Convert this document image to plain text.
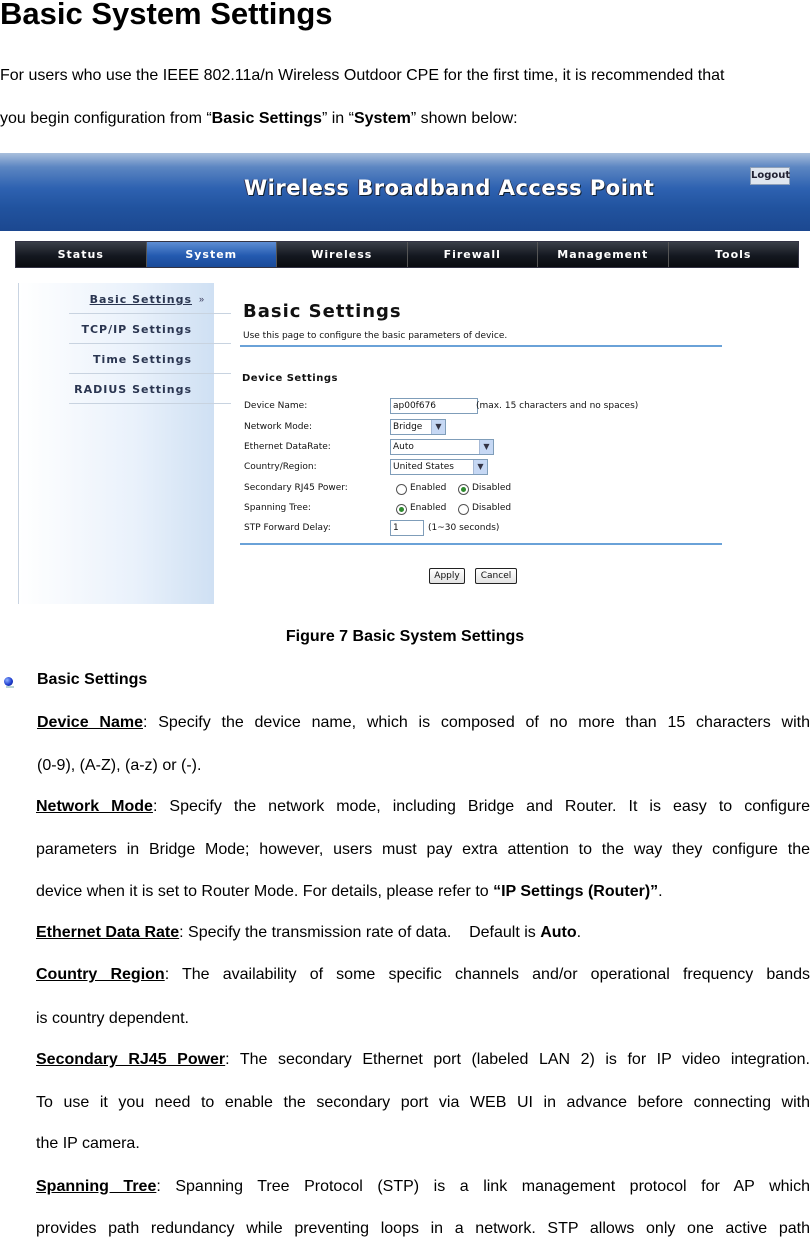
Basic System Settings
For users who use the IEEE 802.11a/n Wireless Outdoor CPE for the first time, it is recommended that
you begin configuration from “Basic Settings” in “System” shown below:
Wireless Broadband Access Point
Logout
Status	System	Wireless	Firewall	Management	Tools
Basic Settings »
TCP/IP Settings
Time Settings
RADIUS Settings
Basic Settings
Use this page to configure the basic parameters of device.
Device Settings
Device Name:	ap00f676	(max. 15 characters and no spaces)
Network Mode:	Bridge	▼
Ethernet DataRate:	Auto	▼
Country/Region:	United States	▼
Secondary RJ45 Power:	Enabled	Disabled
Spanning Tree:	Enabled	Disabled
STP Forward Delay:	1	(1~30 seconds)
Apply	Cancel
Figure 7 Basic System Settings
Basic Settings
Device Name: Specify the device name, which is composed of no more than 15 characters with
(0-9), (A-Z), (a-z) or (-).
Network Mode: Specify the network mode, including Bridge and Router. It is easy to configure
parameters in Bridge Mode; however, users must pay extra attention to the way they configure the
device when it is set to Router Mode. For details, please refer to “IP Settings (Router)”.
Ethernet Data Rate: Specify the transmission rate of data.    Default is Auto.
Country Region: The availability of some specific channels and/or operational frequency bands
is country dependent.
Secondary RJ45 Power: The secondary Ethernet port (labeled LAN 2) is for IP video integration.
To use it you need to enable the secondary port via WEB UI in advance before connecting with
the IP camera.
Spanning Tree: Spanning Tree Protocol (STP) is a link management protocol for AP which
provides path redundancy while preventing loops in a network. STP allows only one active path
